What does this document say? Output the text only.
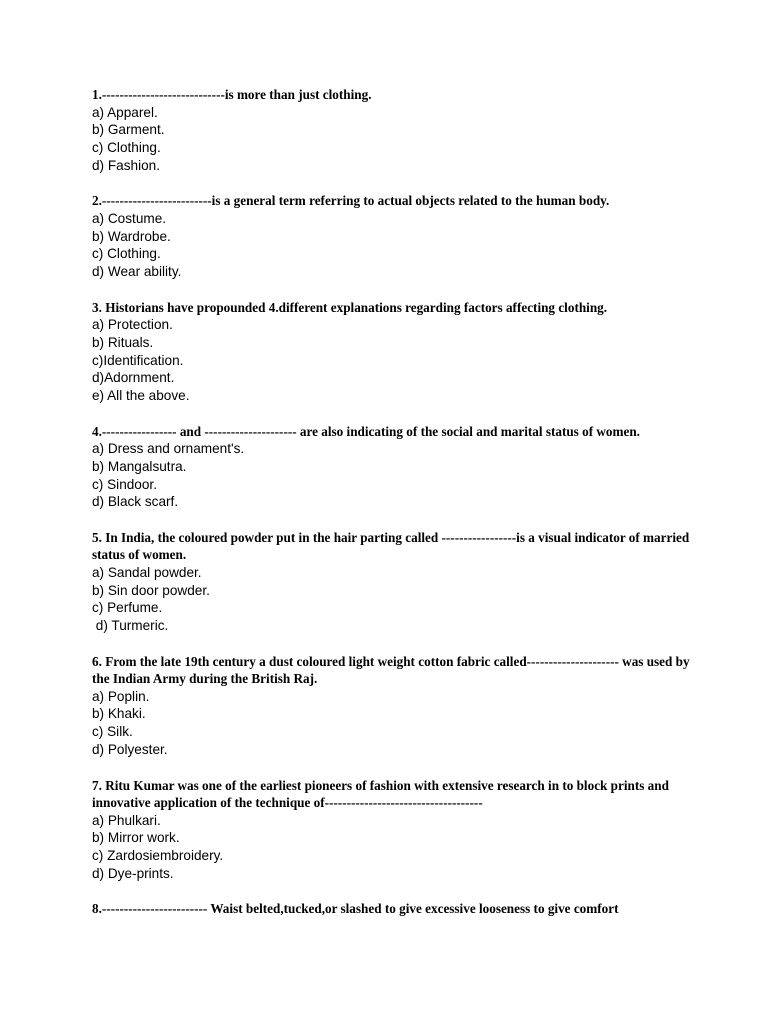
1.----------------------------is more than just clothing.

a) Apparel.

b) Garment.

c) Clothing.

d) Fashion.

2.-------------------------is a general term referring to actual objects related to the human body.

a) Costume.

b) Wardrobe.

c) Clothing.

d) Wear ability.

3. Historians have propounded 4.different explanations regarding factors affecting clothing.

a) Protection.

b) Rituals.

c)Identification.

d)Adornment.

e) All the above.

4.----------------- and --------------------- are also indicating of the social and marital status of women.

a) Dress and ornament's.

b) Mangalsutra.

c) Sindoor.

d) Black scarf.

5. In India, the coloured powder put in the hair parting called -----------------is a visual indicator of married status of women.

a) Sandal powder.

b) Sin door powder.

c) Perfume.

d) Turmeric.

6. From the late 19th century a dust coloured light weight cotton fabric called--------------------- was used by the Indian Army during the British Raj.

a) Poplin.

b) Khaki.

c) Silk.

d) Polyester.

7. Ritu Kumar was one of the earliest pioneers of fashion with extensive research in to block prints and innovative application of the technique of------------------------------------

a) Phulkari.

b) Mirror work.

c) Zardosiembroidery.

d) Dye-prints.

8.------------------------ Waist belted,tucked,or slashed to give excessive looseness to give comfort
